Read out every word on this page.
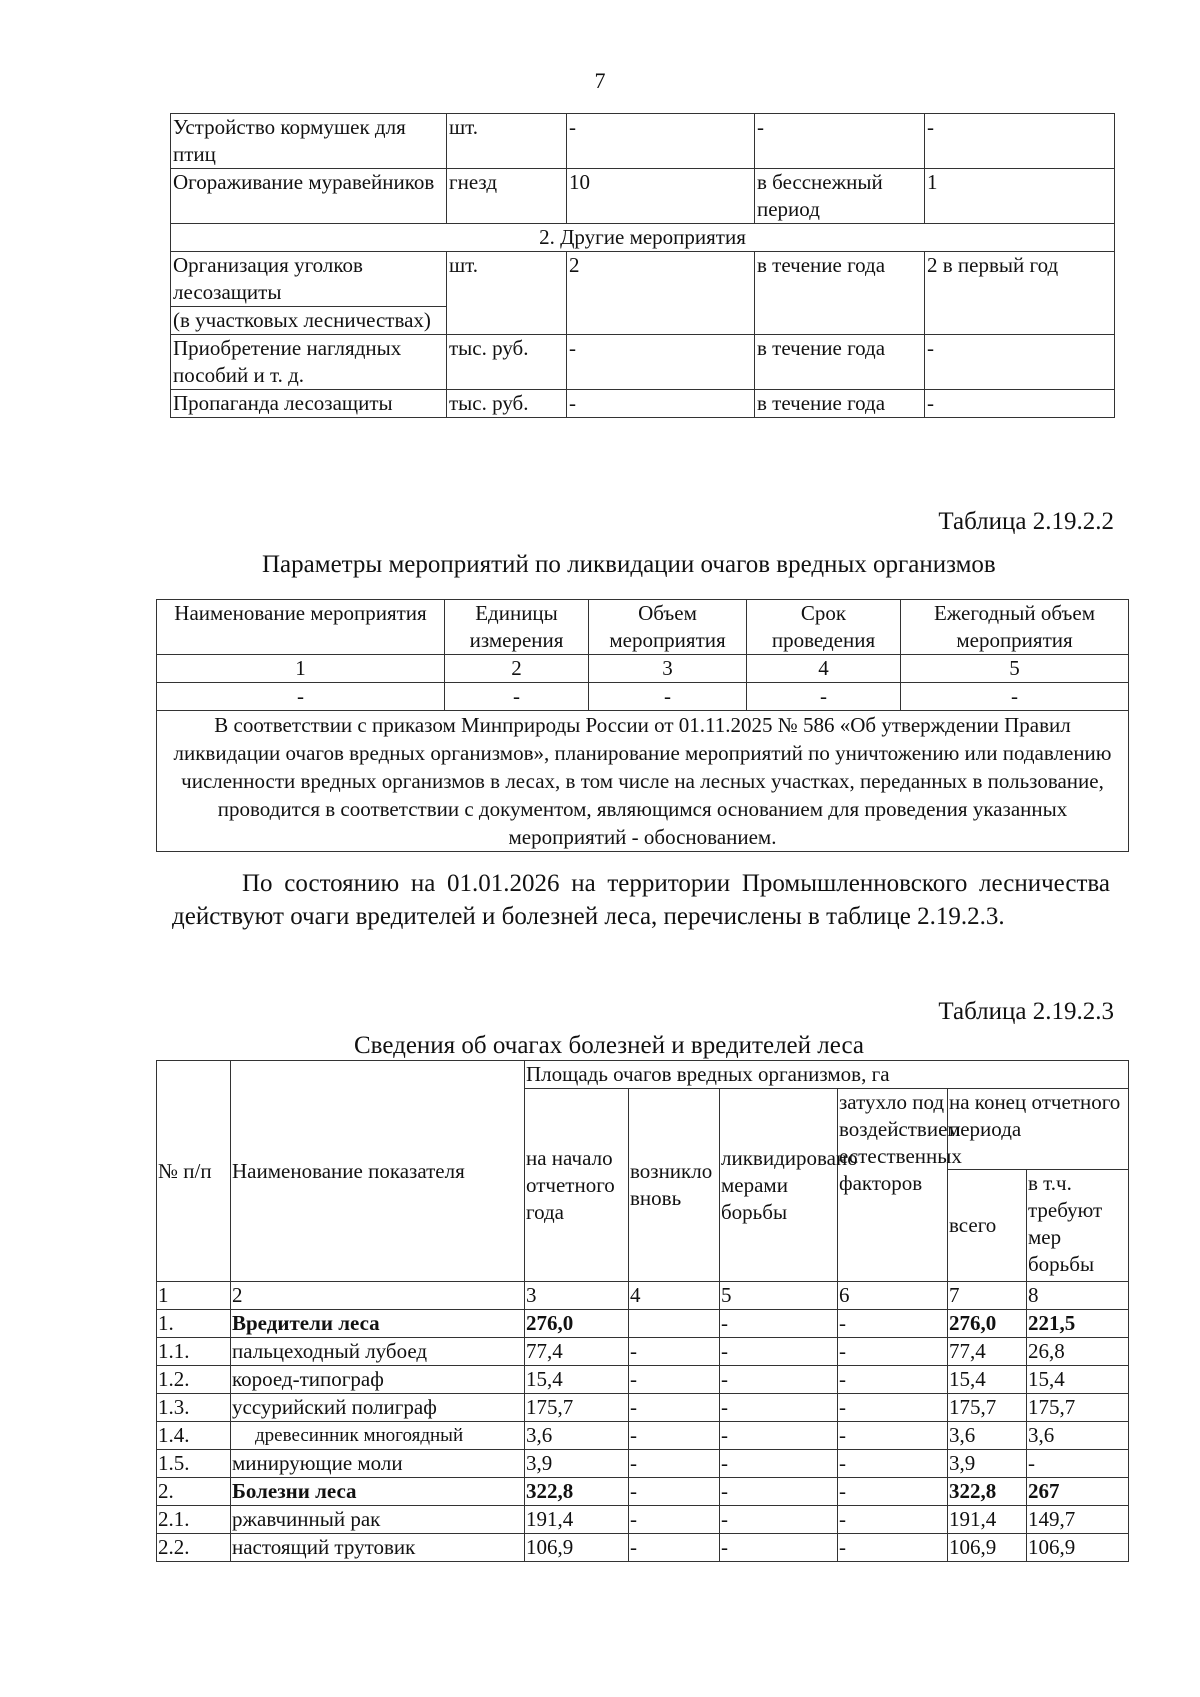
7
Устройство кормушек для птиц	шт.	-	-	-
Огораживание муравейников	гнезд	10	в бесснежный период	1
2. Другие мероприятия				
Организация уголков лесозащиты	шт.	2	в течение года	2 в первый год
(в участковых лесничествах)				
Приобретение наглядных пособий и т. д.	тыс. руб.	-	в течение года	-
Пропаганда лесозащиты	тыс. руб.	-	в течение года	-
Таблица 2.19.2.2
Параметры мероприятий по ликвидации очагов вредных организмов
Наименование мероприятия	Единицы измерения	Объем мероприятия	Срок проведения	Ежегодный объем мероприятия
1	2	3	4	5
-	-	-	-	-
В соответствии с приказом Минприроды России от 01.11.2025 № 586 «Об утверждении Правил ликвидации очагов вредных организмов», планирование мероприятий по уничтожению или подавлению численности вредных организмов в лесах, в том числе на лесных участках, переданных в пользование, проводится в соответствии с документом, являющимся основанием для проведения указанных мероприятий - обоснованием.				
По состоянию на 01.01.2026 на территории Промышленновского лесничества действуют очаги вредителей и болезней леса, перечислены в таблице 2.19.2.3.
Таблица 2.19.2.3
Сведения об очагах болезней и вредителей леса
№ п/п	Наименование показателя	Площадь очагов вредных организмов, га					
		на начало отчетного года	возникло вновь	ликвидировано мерами борьбы	затухло под воздействием естественных факторов	на конец отчетного периода	
						всего	в т.ч. требуют мер борьбы
1	2	3	4	5	6	7	8
1.	Вредители леса	276,0		-	-	276,0	221,5
1.1.	пальцеходный лубоед	77,4	-	-	-	77,4	26,8
1.2.	короед-типограф	15,4	-	-	-	15,4	15,4
1.3.	уссурийский полиграф	175,7	-	-	-	175,7	175,7
1.4.	древесинник многоядный	3,6	-	-	-	3,6	3,6
1.5.	минирующие моли	3,9	-	-	-	3,9	-
2.	Болезни леса	322,8	-	-	-	322,8	267
2.1.	ржавчинный рак	191,4	-	-	-	191,4	149,7
2.2.	настоящий трутовик	106,9	-	-	-	106,9	106,9
